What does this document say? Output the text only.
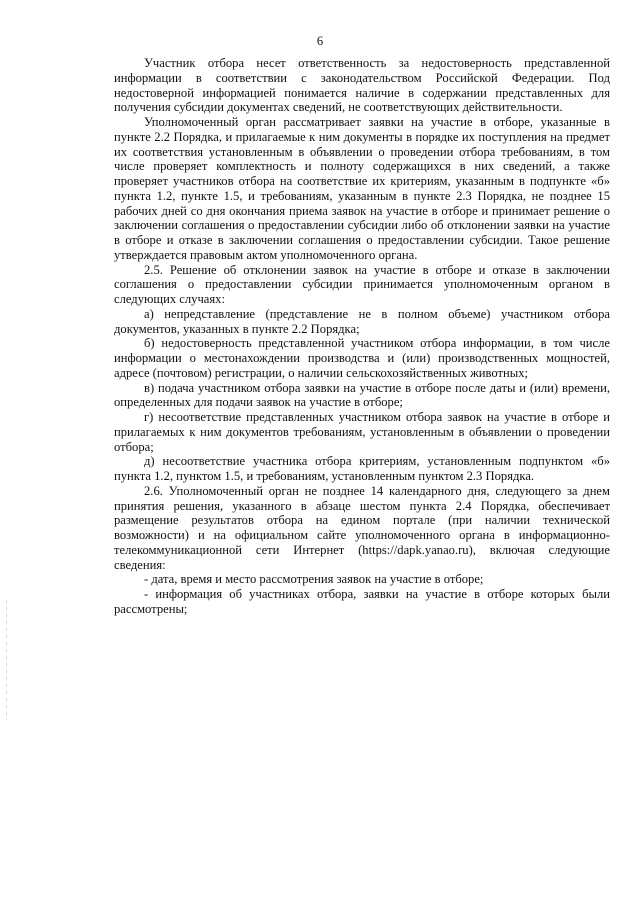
6

Участник отбора несет ответственность за недостоверность представленной информации в соответствии с законодательством Российской Федерации. Под недостоверной информацией понимается наличие в содержании представленных для получения субсидии документах сведений, не соответствующих действительности.

Уполномоченный орган рассматривает заявки на участие в отборе, указанные в пункте 2.2 Порядка, и прилагаемые к ним документы в порядке их поступления на предмет их соответствия установленным в объявлении о проведении отбора требованиям, в том числе проверяет комплектность и полноту содержащихся в них сведений, а также проверяет участников отбора на соответствие их критериям, указанным в подпункте «б» пункта 1.2, пункте 1.5, и требованиям, указанным в пункте 2.3 Порядка, не позднее 15 рабочих дней со дня окончания приема заявок на участие в отборе и принимает решение о заключении соглашения о предоставлении субсидии либо об отклонении заявки на участие в отборе и отказе в заключении соглашения о предоставлении субсидии. Такое решение утверждается правовым актом уполномоченного органа.

2.5. Решение об отклонении заявок на участие в отборе и отказе в заключении соглашения о предоставлении субсидии принимается уполномоченным органом в следующих случаях:

а) непредставление (представление не в полном объеме) участником отбора документов, указанных в пункте 2.2 Порядка;

б) недостоверность представленной участником отбора информации, в том числе информации о местонахождении производства и (или) производственных мощностей, адресе (почтовом) регистрации, о наличии сельскохозяйственных животных;

в) подача участником отбора заявки на участие в отборе после даты и (или) времени, определенных для подачи заявок на участие в отборе;

г) несоответствие представленных участником отбора заявок на участие в отборе и прилагаемых к ним документов требованиям, установленным в объявлении о проведении отбора;

д) несоответствие участника отбора критериям, установленным подпунктом «б» пункта 1.2, пунктом 1.5, и требованиям, установленным пунктом 2.3 Порядка.

2.6. Уполномоченный орган не позднее 14 календарного дня, следующего за днем принятия решения, указанного в абзаце шестом пункта 2.4 Порядка, обеспечивает размещение результатов отбора на едином портале (при наличии технической возможности) и на официальном сайте уполномоченного органа в информационно-телекоммуникационной сети Интернет (https://dapk.yanao.ru), включая следующие сведения:

- дата, время и место рассмотрения заявок на участие в отборе;

- информация об участниках отбора, заявки на участие в отборе которых были рассмотрены;
